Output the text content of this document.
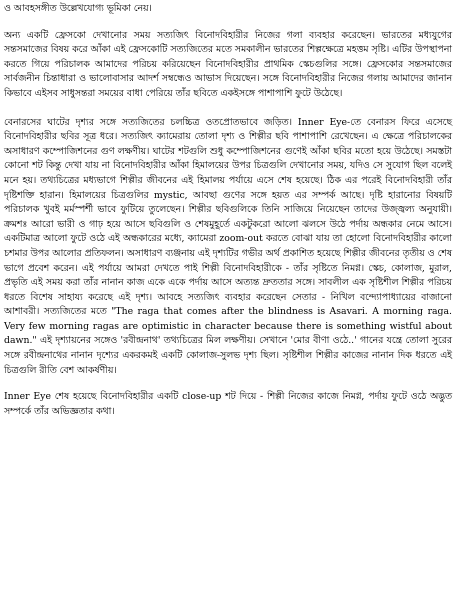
ও আবহসঙ্গীত উল্লেখযোগ্য ভূমিকা নেয়।

অন্য একটি ফ্রেসকো দেখানোর সময় সত্যজিৎ বিনোদবিহারীর নিজের গলা ব্যবহার করেছেন। ভারতের মধ্যযুগের সন্তসমাজের বিষয় করে আঁকা এই ফ্রেসকোটি সত্যজিতের মতে সমকালীন ভারতের শিল্পক্ষেত্রে মহত্তম সৃষ্টি। এটির উপস্থাপনা করতে গিয়ে পরিচালক আমাদের পরিচয় করিয়েছেন বিনোদবিহারীর প্রাথমিক স্কেচগুলির সঙ্গে। ফ্রেসকোর সন্তসমাজের সার্বজনীন চিন্তাধারা ও ভালোবাসার আদর্শ সম্বন্ধেও আভাস দিয়েছেন। সঙ্গে বিনোদবিহারীর নিজের গলায় আমাদের জানান কিভাবে এইসব সাধুসন্তরা সময়ের বাধা পেরিয়ে তাঁর ছবিতে একইসঙ্গে পাশাপাশি ফুটে উঠেছে।

বেনারসের ঘাটের দৃশ্যর সঙ্গে সত্যজিতের চলচ্চিত্র ওতপ্রোতভাবে জড়িত। Inner Eye-তে বেনারস ফিরে এসেছে বিনোদবিহারীর ছবির সূত্র ধরে। সত্যজিৎ ক্যামেরায় তোলা দৃশ্য ও শিল্পীর ছবি পাশাপাশি রেখেছেন। এ ক্ষেত্রে পরিচালকের অসাধারণ কম্পোজিশনের গুণ লক্ষণীয়। ঘাটের শটগুলি শুধু কম্পোজিশনের গুণেই আঁকা ছবির মতো হয়ে উঠেছে। সমস্তটা কোনো শট কিন্তু দেখা যায় না বিনোদবিহারীর আঁকা হিমালয়ের উপর চিত্রগুলি দেখানোর সময়, যদিও সে সুযোগ ছিল বলেই মনে হয়। তথ্যচিত্রের মধ্যভাগে শিল্পীর জীবনের এই হিমালয় পর্যায়ে এসে শেষ হয়েছে। ঠিক এর পরেই বিনোদবিহারী তাঁর দৃষ্টিশক্তি হারান। হিমালয়ের চিত্রগুলির mystic, আবছা গুণের সঙ্গে হয়ত এর সম্পর্ক আছে। দৃষ্টি হারানোর বিষয়টি পরিচালক খুবই মর্মস্পর্শী ভাবে ফুটিয়ে তুলেছেন। শিল্পীর ছবিগুলিকে তিনি সাজিয়ে নিয়েছেন তাদের উজ্জ্বল্য অনুযায়ী। ক্রমশঃ আরো ভারী ও গাঢ় হয়ে আসে ছবিগুলি ও শেষমুহূর্তে একটুকরো আলো ঝলসে উঠে পর্দায় অন্ধকার নেমে আসে। একটিমাত্র আলো ফুটে ওঠে এই অন্ধকারের মধ্যে, ক্যামেরা zoom-out করতে বোঝা যায় তা হোলো বিনোদবিহারীর কালো চশমার উপর আলোর প্রতিফলন। অসাধারণ ব্যঞ্জনায় এই দৃশ্যটির গভীর অর্থ প্রকাশিত হয়েছে শিল্পীর জীবনের তৃতীয় ও শেষ ভাগে প্রবেশ করেন। এই পর্যায়ে আমরা দেখতে পাই শিল্পী বিনোদবিহারীকে - তাঁর সৃষ্টিতে নিমগ্ন। স্কেচ, কোলাজ, মুরাল, প্রভৃতি এই সময় করা তাঁর নানান কাজ একে একে পর্দায় আসে অত্যন্ত দ্রুততার সঙ্গে। সাবলীল এক সৃষ্টিশীল শিল্পীর পরিচয় ধরতে বিশেষ সাহায্য করেছে এই দৃশ্য। আবহে সত্যজিৎ ব্যবহার করেছেন সেতার - নিখিল বন্দ্যোপাধ্যায়ের বাজানো আশাবরী। সত্যজিতের মতে "The raga that comes after the blindness is Asavari. A morning raga. Very few morning ragas are optimistic in character because there is something wistful about dawn." এই দৃশ্যায়নের সঙ্গেও 'রবীন্দ্রনাথ' তথ্যচিত্রের মিল লক্ষণীয়। সেখানে 'মোর বীণা ওঠে..' গানের যন্ত্রে তোলা সুরের সঙ্গে রবীন্দ্রনাথের নানান দৃশ্যের একরকমই একটি কোলাজ-সুলভ দৃশ্য ছিল। সৃষ্টিশীল শিল্পীর কাজের নানান দিক ধরতে এই চিত্রগুলি রীতি বেশ আকর্ষণীয়।

Inner Eye শেষ হয়েছে বিনোদবিহারীর একটি close-up শট দিয়ে - শিল্পী নিজের কাজে নিমগ্ন, পর্দায় ফুটে ওঠে অদ্ভুত সম্পর্কে তাঁর অভিজ্ঞতার কথা।
